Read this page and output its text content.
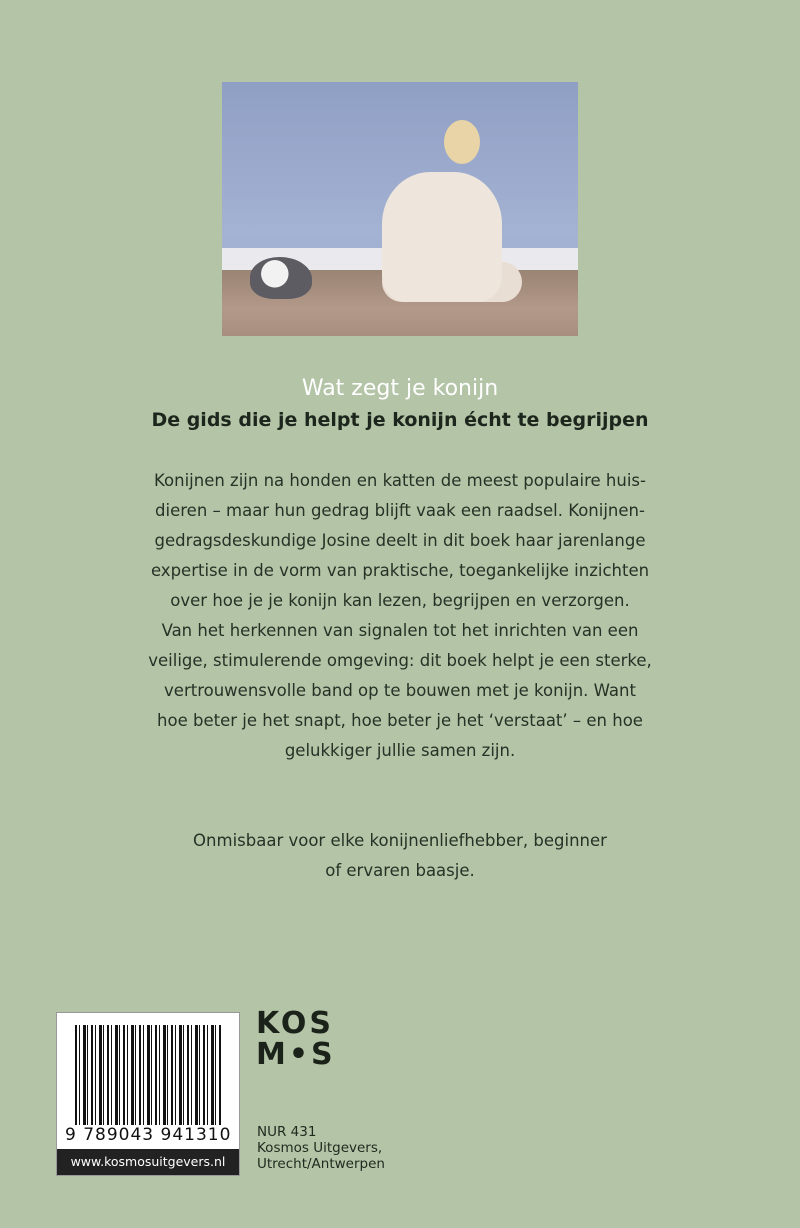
Wat zegt je konijn
De gids die je helpt je konijn écht te begrijpen
Konijnen zijn na honden en katten de meest populaire huis-
dieren – maar hun gedrag blijft vaak een raadsel. Konijnen-
gedragsdeskundige Josine deelt in dit boek haar jarenlange
expertise in de vorm van praktische, toegankelijke inzichten
over hoe je je konijn kan lezen, begrijpen en verzorgen.
Van het herkennen van signalen tot het inrichten van een
veilige, stimulerende omgeving: dit boek helpt je een sterke,
vertrouwensvolle band op te bouwen met je konijn. Want
hoe beter je het snapt, hoe beter je het ‘verstaat’ – en hoe
gelukkiger jullie samen zijn.
Onmisbaar voor elke konijnenliefhebber, beginner
of ervaren baasje.
9 789043 941310
www.kosmosuitgevers.nl
KOS
M•S
NUR 431
Kosmos Uitgevers,
Utrecht/Antwerpen
